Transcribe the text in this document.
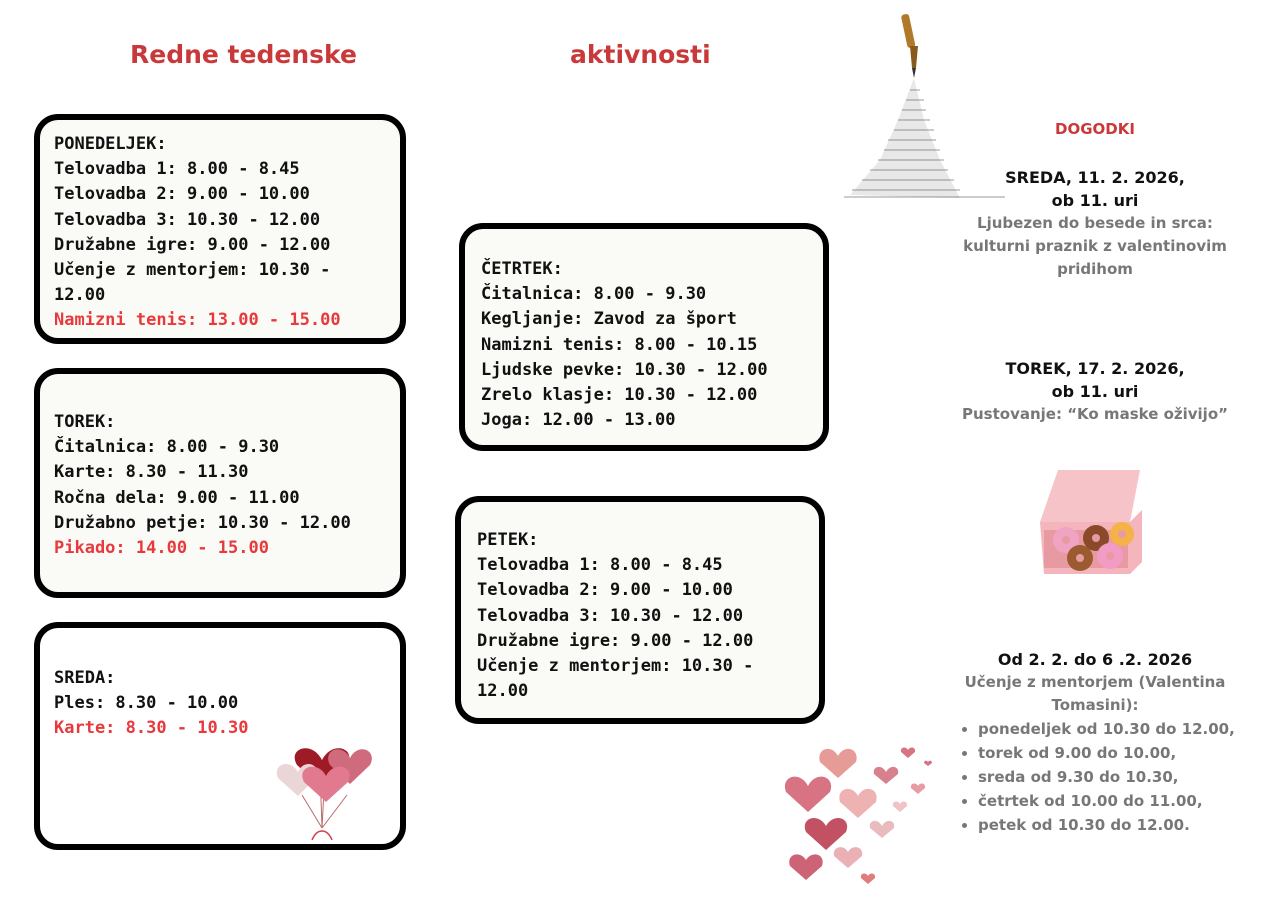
Redne tedenske	aktivnosti
PONEDELJEK:
Telovadba 1: 8.00 - 8.45
Telovadba 2: 9.00 - 10.00
Telovadba 3: 10.30 - 12.00
Družabne igre: 9.00 - 12.00
Učenje z mentorjem: 10.30 - 12.00
Namizni tenis: 13.00 - 15.00
TOREK:
Čitalnica: 8.00 - 9.30
Karte: 8.30 - 11.30
Ročna dela: 9.00 - 11.00
Družabno petje: 10.30 - 12.00
Pikado: 14.00 - 15.00
SREDA:
Ples: 8.30 - 10.00
Karte: 8.30 - 10.30
ČETRTEK:
Čitalnica: 8.00 - 9.30
Kegljanje: Zavod za šport
Namizni tenis: 8.00 - 10.15
Ljudske pevke: 10.30 - 12.00
Zrelo klasje: 10.30 - 12.00
Joga: 12.00 - 13.00
PETEK:
Telovadba 1: 8.00 - 8.45
Telovadba 2: 9.00 - 10.00
Telovadba 3: 10.30 - 12.00
Družabne igre: 9.00 - 12.00
Učenje z mentorjem: 10.30 - 12.00
DOGODKI
SREDA, 11. 2. 2026,
ob 11. uri
Ljubezen do besede in srca: kulturni praznik z valentinovim pridihom
TOREK, 17. 2. 2026,
ob 11. uri
Pustovanje: “Ko maske oživijo”
Od 2. 2. do 6 .2. 2026
Učenje z mentorjem (Valentina Tomasini):
• ponedeljek od 10.30 do 12.00,
• torek od 9.00 do 10.00,
• sreda od 9.30 do 10.30,
• četrtek od 10.00 do 11.00,
• petek od 10.30 do 12.00.
